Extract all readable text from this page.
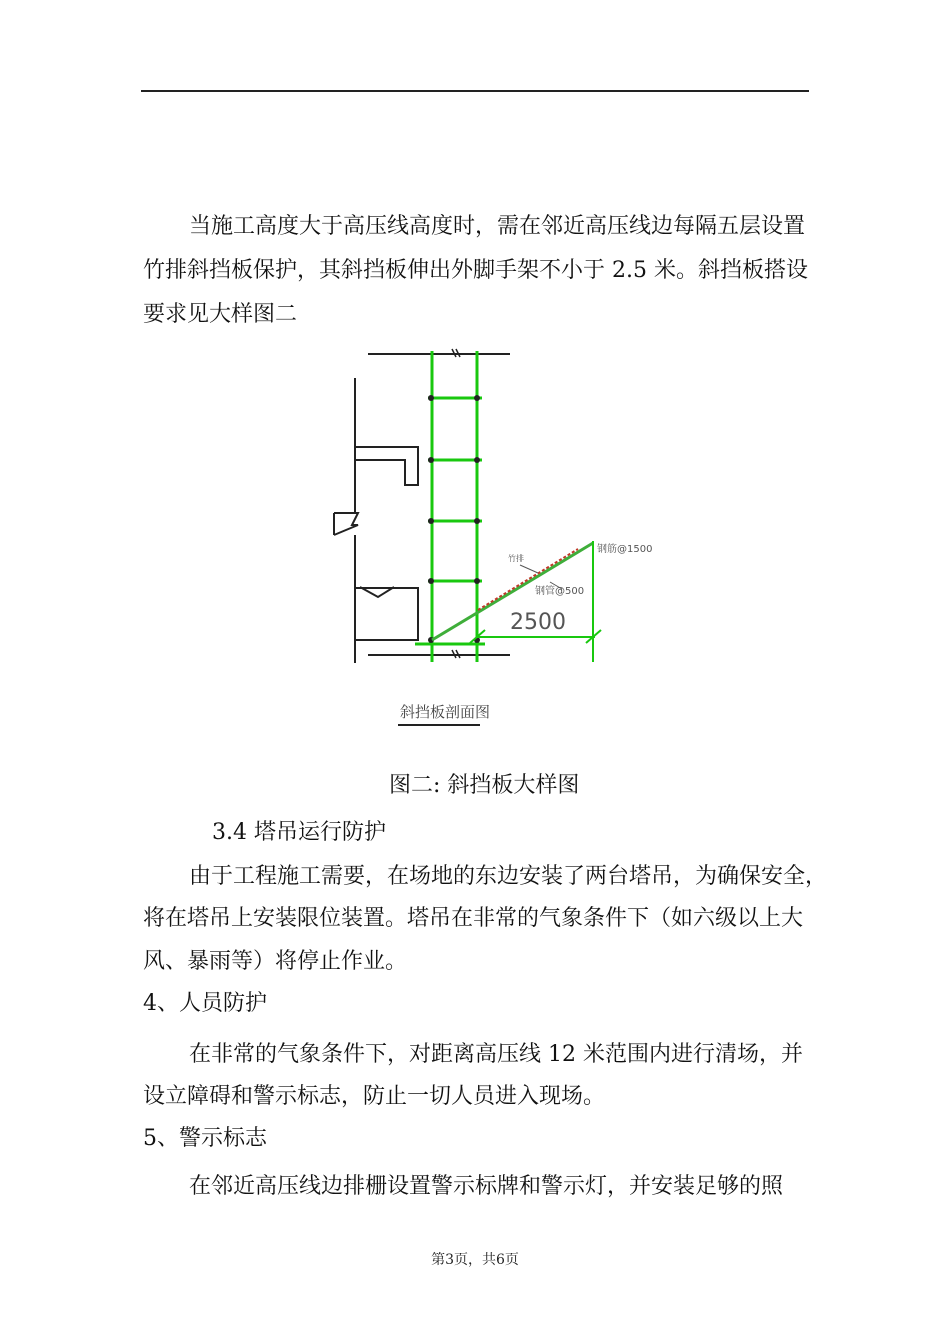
当施工高度大于高压线高度时，需在邻近高压线边每隔五层设置
竹排斜挡板保护，其斜挡板伸出外脚手架不小于 2.5 米。斜挡板搭设
要求见大样图二
2500
钢筋@1500
钢管@500
竹排
斜挡板剖面图
图二: 斜挡板大样图
3.4 塔吊运行防护
由于工程施工需要，在场地的东边安装了两台塔吊，为确保安全，
将在塔吊上安装限位装置。塔吊在非常的气象条件下（如六级以上大
风、暴雨等）将停止作业。
4、人员防护
在非常的气象条件下，对距离高压线 12 米范围内进行清场，并
设立障碍和警示标志，防止一切人员进入现场。
5、警示标志
在邻近高压线边排栅设置警示标牌和警示灯，并安装足够的照
第3页，共6页
